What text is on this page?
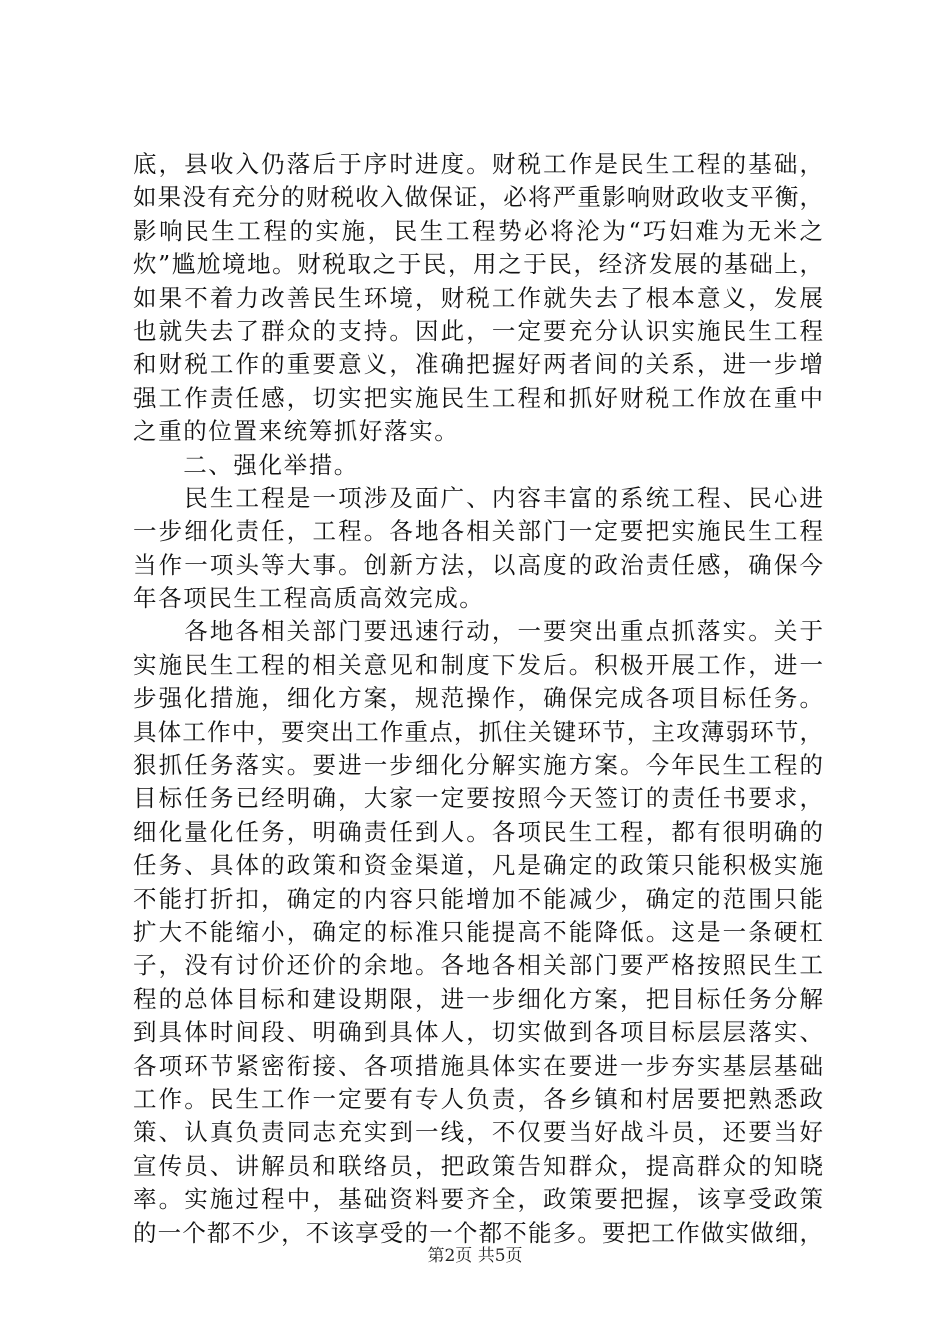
底，县收入仍落后于序时进度。财税工作是民生工程的基础，
如果没有充分的财税收入做保证，必将严重影响财政收支平衡，
影响民生工程的实施，民生工程势必将沦为“巧妇难为无米之
炊”尴尬境地。财税取之于民，用之于民，经济发展的基础上，
如果不着力改善民生环境，财税工作就失去了根本意义，发展
也就失去了群众的支持。因此，一定要充分认识实施民生工程
和财税工作的重要意义，准确把握好两者间的关系，进一步增
强工作责任感，切实把实施民生工程和抓好财税工作放在重中
之重的位置来统筹抓好落实。
　　二、强化举措。
　　民生工程是一项涉及面广、内容丰富的系统工程、民心进
一步细化责任，工程。各地各相关部门一定要把实施民生工程
当作一项头等大事。创新方法，以高度的政治责任感，确保今
年各项民生工程高质高效完成。
　　各地各相关部门要迅速行动，一要突出重点抓落实。关于
实施民生工程的相关意见和制度下发后。积极开展工作，进一
步强化措施，细化方案，规范操作，确保完成各项目标任务。
具体工作中，要突出工作重点，抓住关键环节，主攻薄弱环节，
狠抓任务落实。要进一步细化分解实施方案。今年民生工程的
目标任务已经明确，大家一定要按照今天签订的责任书要求，
细化量化任务，明确责任到人。各项民生工程，都有很明确的
任务、具体的政策和资金渠道，凡是确定的政策只能积极实施
不能打折扣，确定的内容只能增加不能减少，确定的范围只能
扩大不能缩小，确定的标准只能提高不能降低。这是一条硬杠
子，没有讨价还价的余地。各地各相关部门要严格按照民生工
程的总体目标和建设期限，进一步细化方案，把目标任务分解
到具体时间段、明确到具体人，切实做到各项目标层层落实、
各项环节紧密衔接、各项措施具体实在要进一步夯实基层基础
工作。民生工作一定要有专人负责，各乡镇和村居要把熟悉政
策、认真负责同志充实到一线，不仅要当好战斗员，还要当好
宣传员、讲解员和联络员，把政策告知群众，提高群众的知晓
率。实施过程中，基础资料要齐全，政策要把握，该享受政策
的一个都不少，不该享受的一个都不能多。要把工作做实做细，
第2页 共5页
